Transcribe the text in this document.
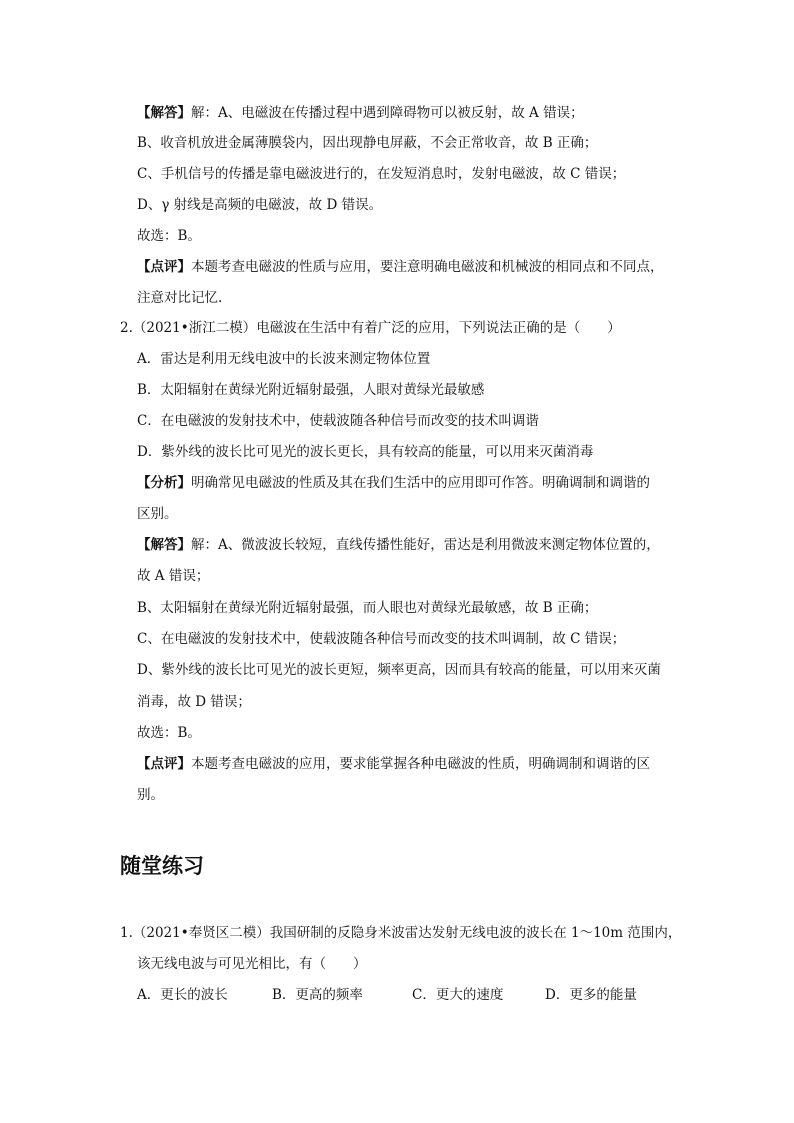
【解答】解：A、电磁波在传播过程中遇到障碍物可以被反射，故 A 错误；
B、收音机放进金属薄膜袋内，因出现静电屏蔽，不会正常收音，故 B 正确；
C、手机信号的传播是靠电磁波进行的，在发短消息时，发射电磁波，故 C 错误；
D、γ 射线是高频的电磁波，故 D 错误。
故选：B。
【点评】本题考查电磁波的性质与应用，要注意明确电磁波和机械波的相同点和不同点，
注意对比记忆.
2.（2021•浙江二模）电磁波在生活中有着广泛的应用，下列说法正确的是（　　）
A．雷达是利用无线电波中的长波来测定物体位置
B．太阳辐射在黄绿光附近辐射最强，人眼对黄绿光最敏感
C．在电磁波的发射技术中，使载波随各种信号而改变的技术叫调谐
D．紫外线的波长比可见光的波长更长，具有较高的能量，可以用来灭菌消毒
【分析】明确常见电磁波的性质及其在我们生活中的应用即可作答。明确调制和调谐的
区别。
【解答】解：A、微波波长较短，直线传播性能好，雷达是利用微波来测定物体位置的，
故 A 错误；
B、太阳辐射在黄绿光附近辐射最强，而人眼也对黄绿光最敏感，故 B 正确；
C、在电磁波的发射技术中，使载波随各种信号而改变的技术叫调制，故 C 错误；
D、紫外线的波长比可见光的波长更短，频率更高，因而具有较高的能量，可以用来灭菌
消毒，故 D 错误；
故选：B。
【点评】本题考查电磁波的应用，要求能掌握各种电磁波的性质，明确调制和调谐的区
别。
随堂练习
1.（2021•奉贤区二模）我国研制的反隐身米波雷达发射无线电波的波长在 1～10m 范围内，
该无线电波与可见光相比，有（　　）
A．更长的波长	B．更高的频率	C．更大的速度	D．更多的能量
